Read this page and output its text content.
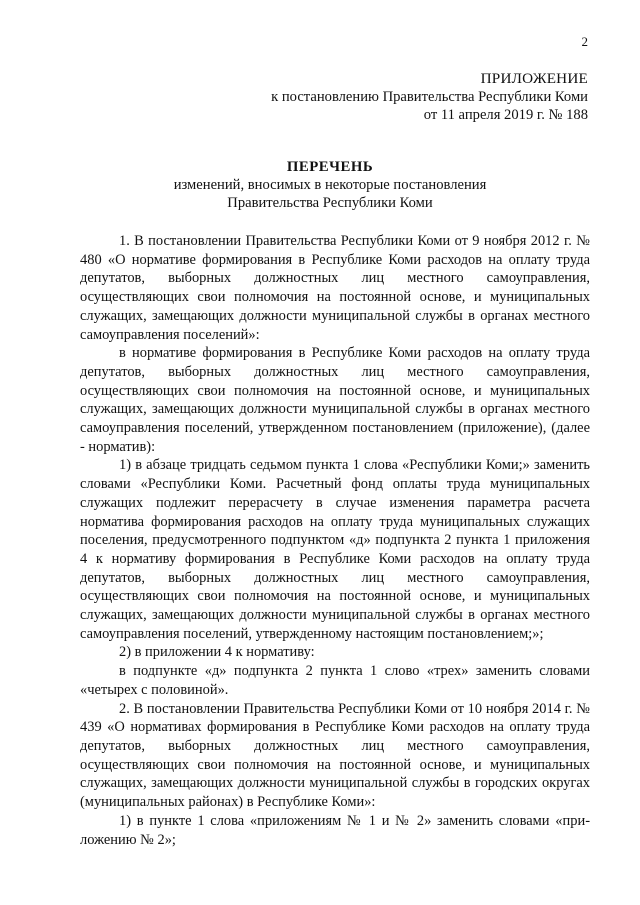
2
ПРИЛОЖЕНИЕ
к постановлению Правительства Республики Коми
от 11 апреля 2019 г. № 188
ПЕРЕЧЕНЬ
изменений, вносимых в некоторые постановления
Правительства Республики Коми

1. В постановлении Правительства Республики Коми от 9 ноября 2012 г. № 480 «О нормативе формирования в Республике Коми расходов на оплату труда депутатов, выборных должностных лиц местного самоуправления, осуществляющих свои полномочия на постоянной основе, и муниципальных служащих, замещающих должности муниципальной службы в органах местного самоуправления поселений»:

в нормативе формирования в Республике Коми расходов на оплату труда депутатов, выборных должностных лиц местного самоуправления, осуществляющих свои полномочия на постоянной основе, и муниципальных служащих, замещающих должности муниципальной службы в органах местного самоуправления поселений, утвержденном постановлением (приложение), (далее - норматив):

1) в абзаце тридцать седьмом пункта 1 слова «Республики Коми;» заменить словами «Республики Коми. Расчетный фонд оплаты труда муниципальных служащих подлежит перерасчету в случае изменения параметра расчета норматива формирования расходов на оплату труда муниципальных служащих поселения, предусмотренного подпунктом «д» подпункта 2 пункта 1 приложения 4 к нормативу формирования в Республике Коми расходов на оплату труда депутатов, выборных должностных лиц местного самоуправления, осуществляющих свои полномочия на постоянной основе, и муниципальных служащих, замещающих должности муниципальной службы в органах местного самоуправления поселений, утвержденному настоящим постановлением;»;

2) в приложении 4 к нормативу:

в подпункте «д» подпункта 2 пункта 1 слово «трех» заменить словами «четырех с половиной».

2. В постановлении Правительства Республики Коми от 10 ноября 2014 г. № 439 «О нормативах формирования в Республике Коми расходов на оплату труда депутатов, выборных должностных лиц местного самоуправления, осуществляющих свои полномочия на постоянной основе, и муниципальных служащих, замещающих должности муниципальной службы в городских округах (муниципальных районах) в Республике Коми»:

1) в пункте 1 слова «приложениям № 1 и № 2» заменить словами «приложению № 2»;
